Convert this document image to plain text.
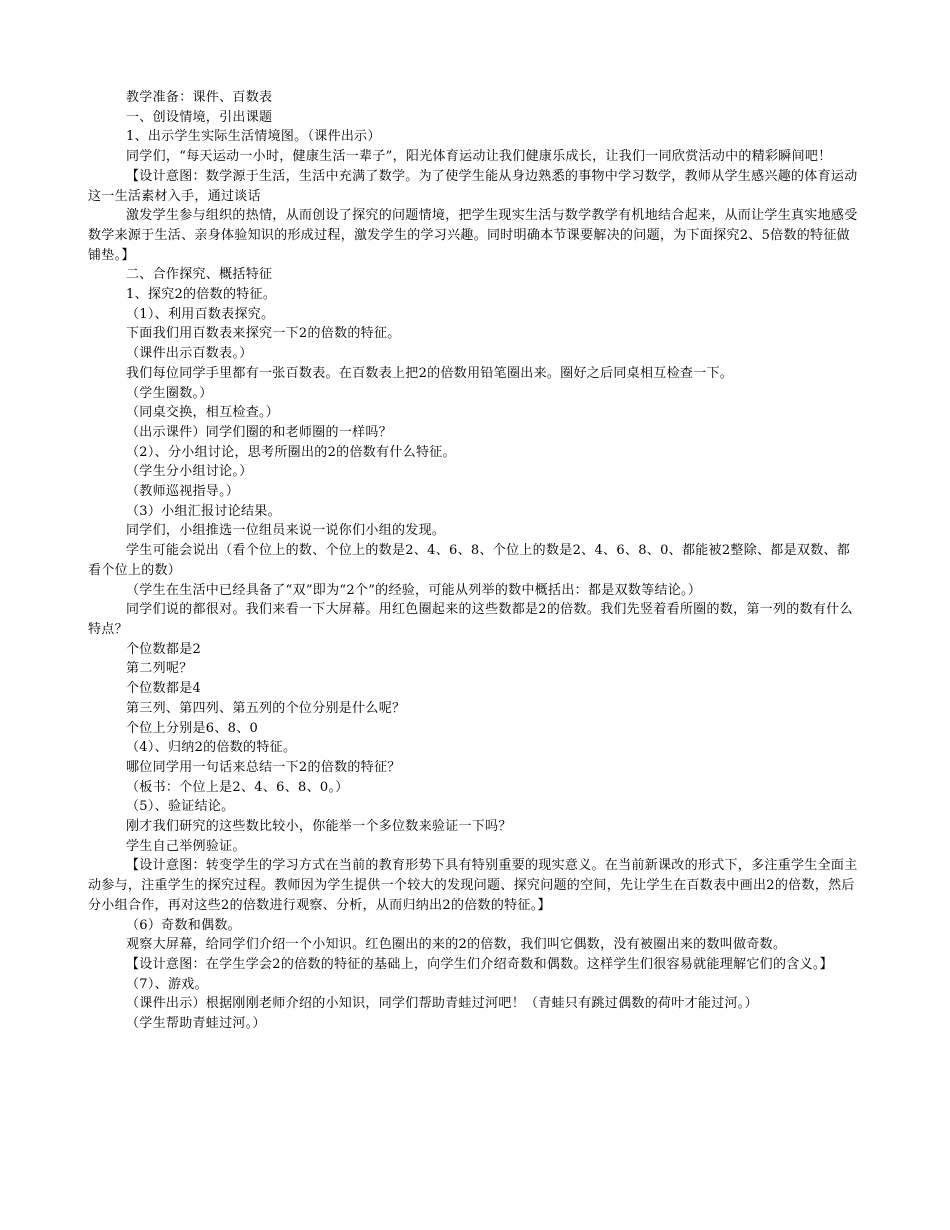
教学准备：课件、百数表

一、创设情境，引出课题

1、出示学生实际生活情境图。（课件出示）

同学们，“每天运动一小时，健康生活一辈子”，阳光体育运动让我们健康乐成长，让我们一同欣赏活动中的精彩瞬间吧！

【设计意图：数学源于生活，生活中充满了数学。为了使学生能从身边熟悉的事物中学习数学，教师从学生感兴趣的体育运动这一生活素材入手，通过谈话

激发学生参与组织的热情，从而创设了探究的问题情境，把学生现实生活与数学教学有机地结合起来，从而让学生真实地感受数学来源于生活、亲身体验知识的形成过程，激发学生的学习兴趣。同时明确本节课要解决的问题，为下面探究2、5倍数的特征做铺垫。】

二、合作探究、概括特征

1、探究2的倍数的特征。

（1）、利用百数表探究。

下面我们用百数表来探究一下2的倍数的特征。

（课件出示百数表。）

我们每位同学手里都有一张百数表。在百数表上把2的倍数用铅笔圈出来。圈好之后同桌相互检查一下。

（学生圈数。）

（同桌交换，相互检查。）

（出示课件）同学们圈的和老师圈的一样吗？

（2）、分小组讨论，思考所圈出的2的倍数有什么特征。

（学生分小组讨论。）

（教师巡视指导。）

（3）小组汇报讨论结果。

同学们，小组推选一位组员来说一说你们小组的发现。

学生可能会说出（看个位上的数、个位上的数是2、4、6、8、个位上的数是2、4、6、8、0、都能被2整除、都是双数、都看个位上的数）

（学生在生活中已经具备了“双”即为“2个”的经验，可能从列举的数中概括出：都是双数等结论。）

同学们说的都很对。我们来看一下大屏幕。用红色圈起来的这些数都是2的倍数。我们先竖着看所圈的数，第一列的数有什么特点？

个位数都是2

第二列呢？

个位数都是4

第三列、第四列、第五列的个位分别是什么呢？

个位上分别是6、8、0

（4）、归纳2的倍数的特征。

哪位同学用一句话来总结一下2的倍数的特征？

（板书：个位上是2、4、6、8、0。）

（5）、验证结论。

刚才我们研究的这些数比较小，你能举一个多位数来验证一下吗？

学生自己举例验证。

【设计意图：转变学生的学习方式在当前的教育形势下具有特别重要的现实意义。在当前新课改的形式下，多注重学生全面主动参与，注重学生的探究过程。教师因为学生提供一个较大的发现问题、探究问题的空间，先让学生在百数表中画出2的倍数，然后分小组合作，再对这些2的倍数进行观察、分析，从而归纳出2的倍数的特征。】

（6）奇数和偶数。

观察大屏幕，给同学们介绍一个小知识。红色圈出的来的2的倍数，我们叫它偶数，没有被圈出来的数叫做奇数。

【设计意图：在学生学会2的倍数的特征的基础上，向学生们介绍奇数和偶数。这样学生们很容易就能理解它们的含义。】

（7）、游戏。

（课件出示）根据刚刚老师介绍的小知识，同学们帮助青蛙过河吧！（青蛙只有跳过偶数的荷叶才能过河。）

（学生帮助青蛙过河。）
